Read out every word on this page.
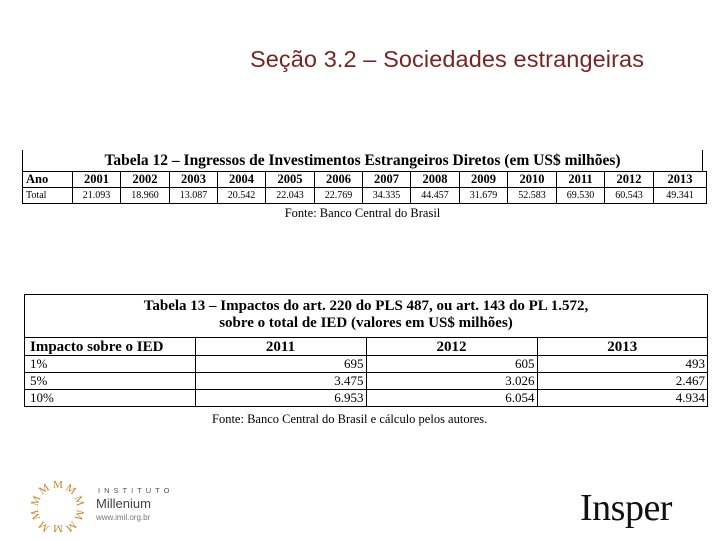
Seção 3.2 – Sociedades estrangeiras
Tabela 12 – Ingressos de Investimentos Estrangeiros Diretos (em US$ milhões)
Ano	2001	2002	2003	2004	2005	2006	2007	2008	2009	2010	2011	2012	2013
Total	21.093	18.960	13.087	20.542	22.043	22.769	34.335	44.457	31.679	52.583	69.530	60.543	49.341
Fonte: Banco Central do Brasil
Tabela 13 – Impactos do art. 220 do PLS 487, ou art. 143 do PL 1.572,
sobre o total de IED (valores em US$ milhões)
Impacto sobre o IED	2011	2012	2013
1%	695	605	493
5%	3.475	3.026	2.467
10%	6.953	6.054	4.934
Fonte: Banco Central do Brasil e cálculo pelos autores.
M M
M
M
M
M
M
M
M
M	INSTITUTO
Millenium
www.imil.org.br	Insper
